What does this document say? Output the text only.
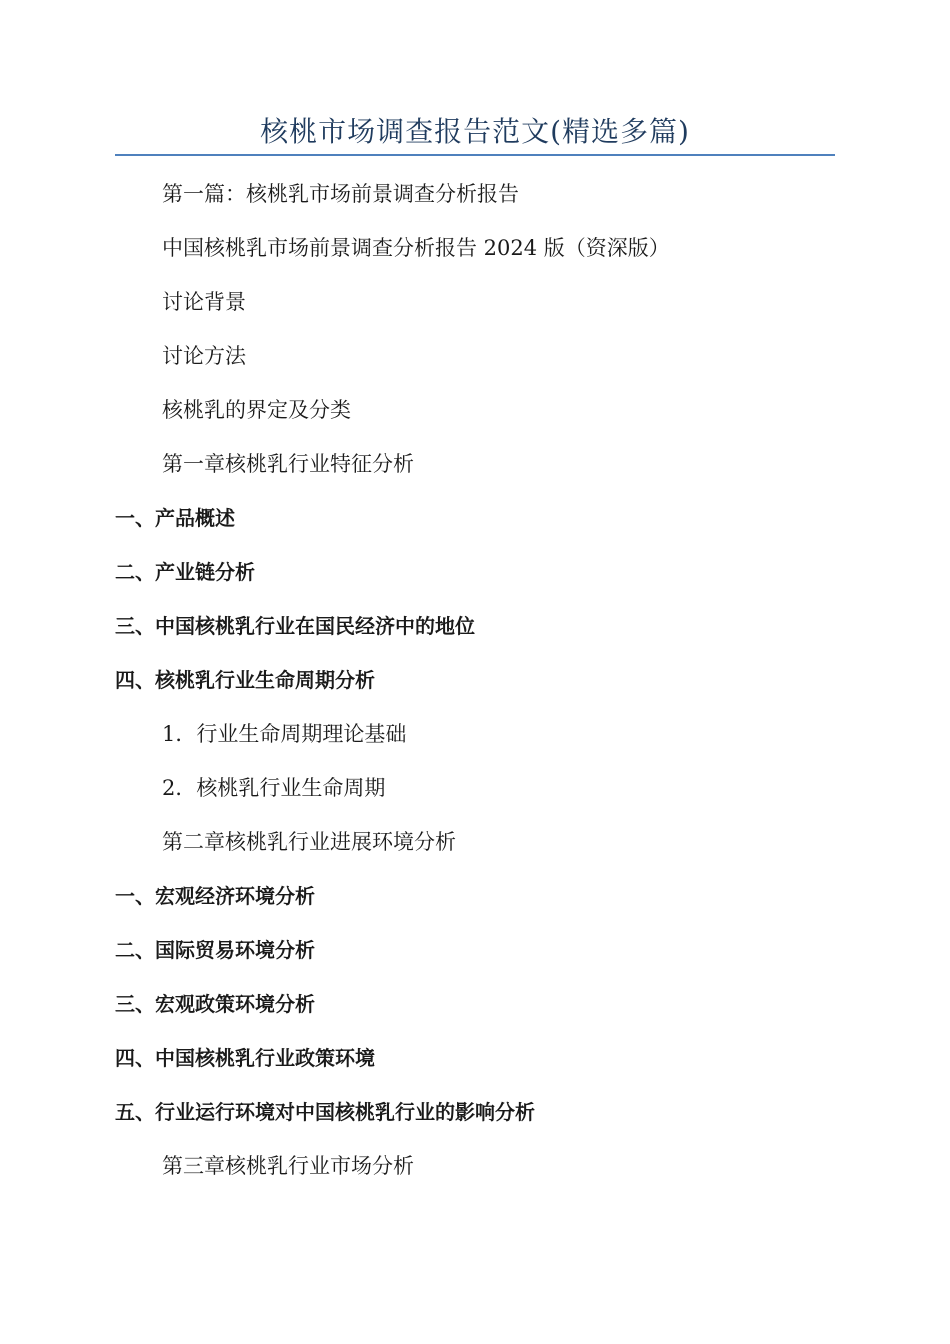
核桃市场调查报告范文(精选多篇)
第一篇：核桃乳市场前景调查分析报告
中国核桃乳市场前景调查分析报告 2024 版（资深版）
讨论背景
讨论方法
核桃乳的界定及分类
第一章核桃乳行业特征分析
一、产品概述
二、产业链分析
三、中国核桃乳行业在国民经济中的地位
四、核桃乳行业生命周期分析
1．行业生命周期理论基础
2．核桃乳行业生命周期
第二章核桃乳行业进展环境分析
一、宏观经济环境分析
二、国际贸易环境分析
三、宏观政策环境分析
四、中国核桃乳行业政策环境
五、行业运行环境对中国核桃乳行业的影响分析
第三章核桃乳行业市场分析
